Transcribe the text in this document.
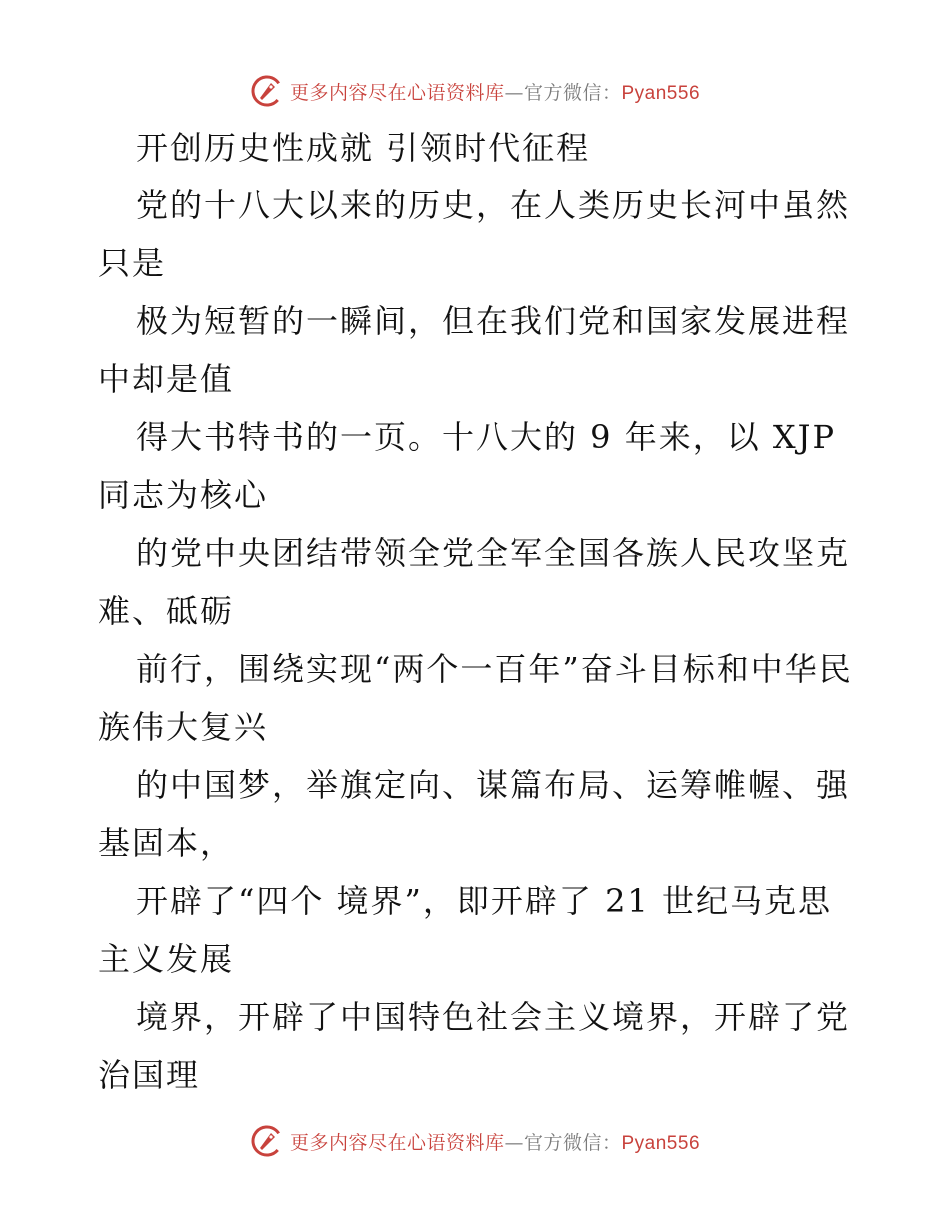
更多内容尽在心语资料库—官方微信：Pyan556

开创历史性成就 引领时代征程

党的十八大以来的历史，在人类历史长河中虽然只是

极为短暂的一瞬间，但在我们党和国家发展进程中却是值

得大书特书的一页。十八大的 9 年来，以 XJP 同志为核心

的党中央团结带领全党全军全国各族人民攻坚克难、砥砺

前行，围绕实现“两个一百年”奋斗目标和中华民族伟大复兴

的中国梦，举旗定向、谋篇布局、运筹帷幄、强基固本，

开辟了“四个 境界”，即开辟了 21 世纪马克思主义发展

境界，开辟了中国特色社会主义境界，开辟了党治国理

更多内容尽在心语资料库—官方微信：Pyan556
